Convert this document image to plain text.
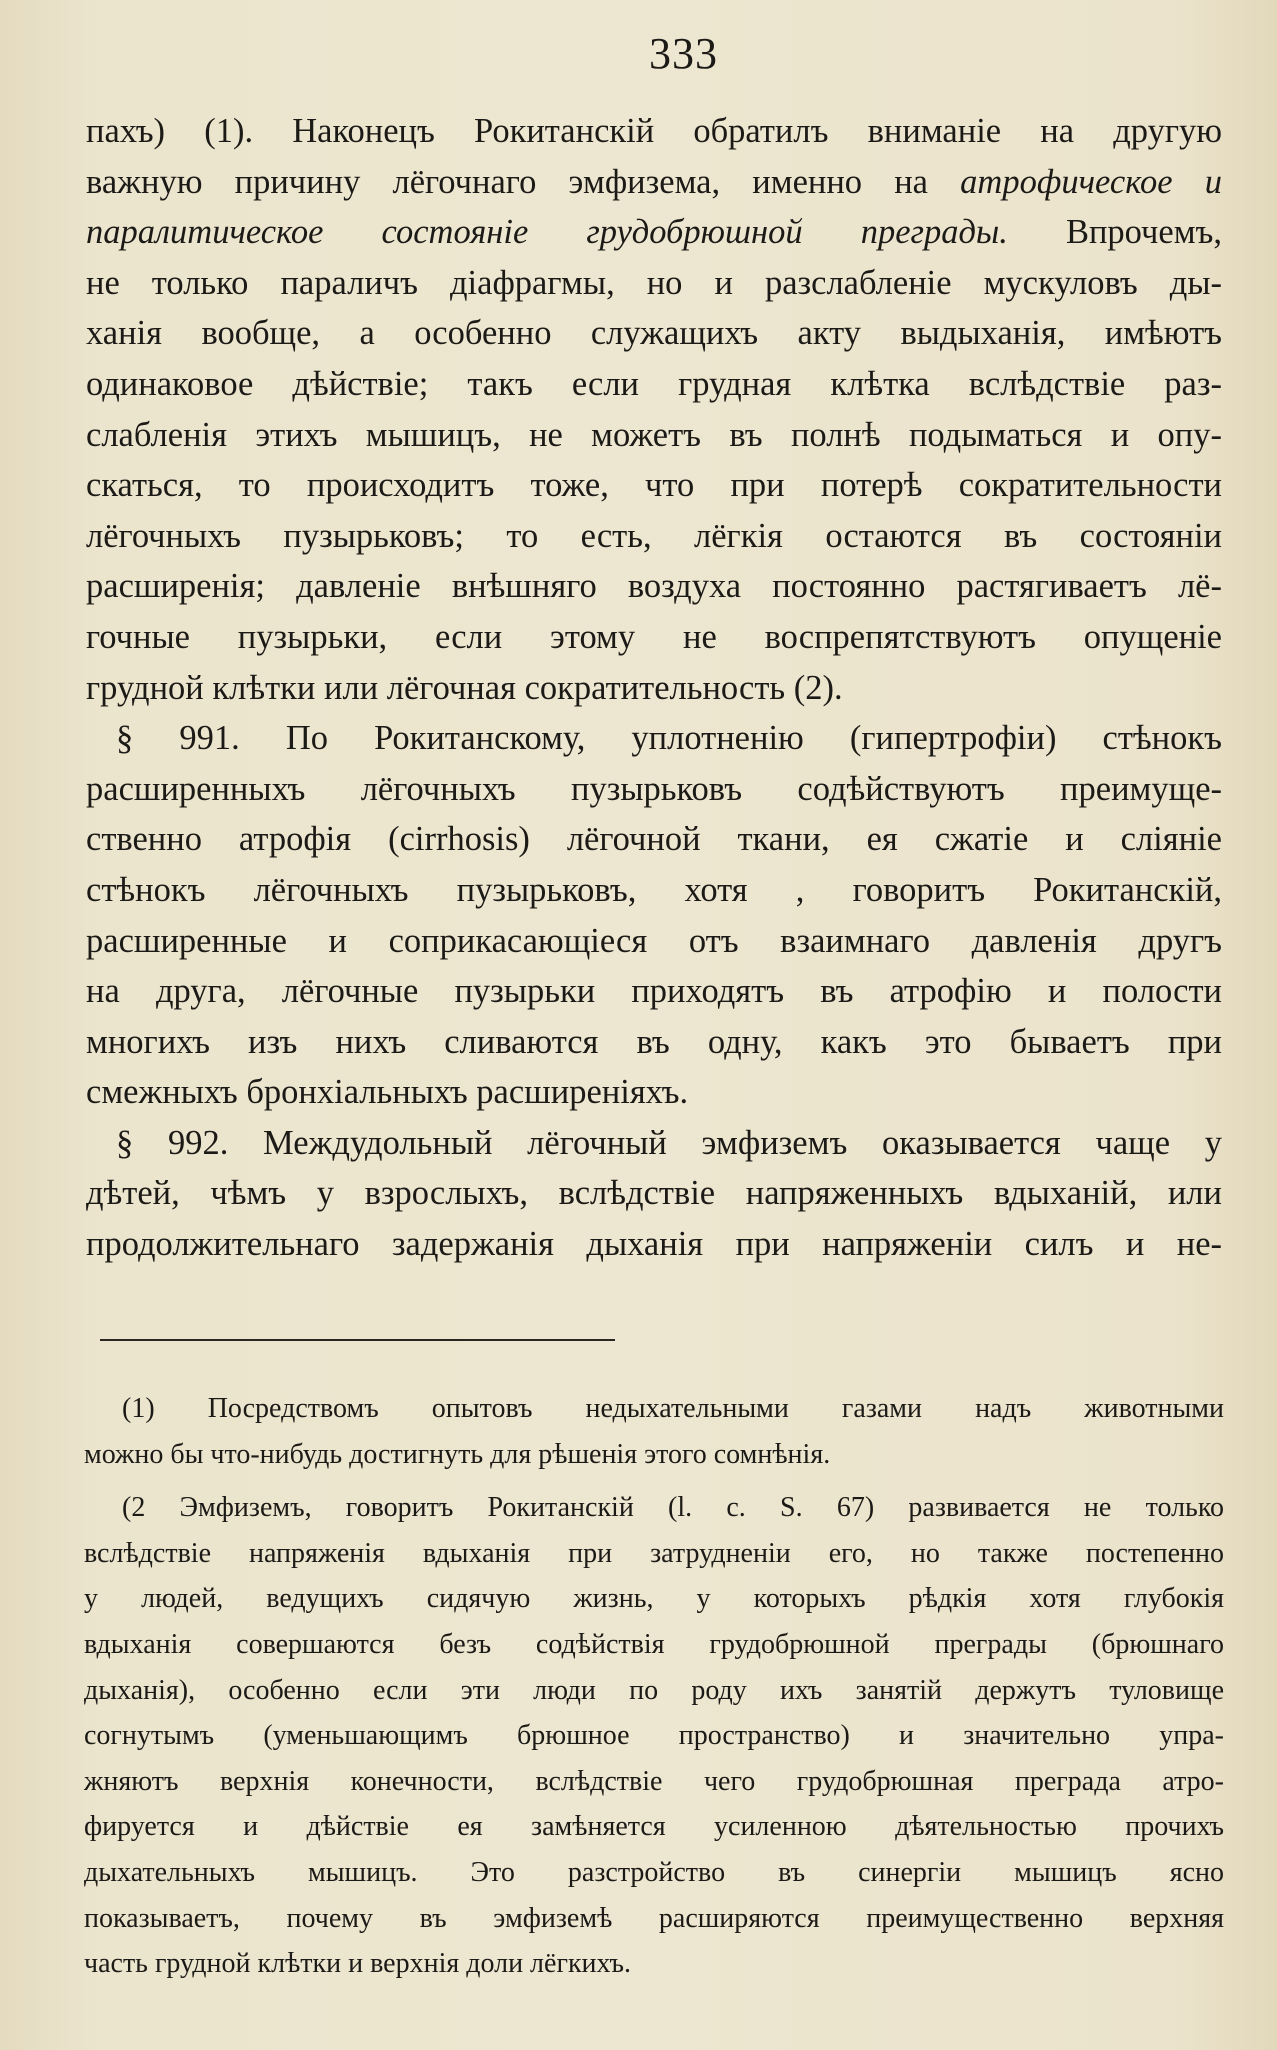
333
пахъ) (1). Наконецъ Рокитанскій обратилъ вниманіе на другую
важную причину лёгочнаго эмфизема, именно на атрофическое и
паралитическое состояніе грудобрюшной преграды. Впрочемъ,
не только параличъ діафрагмы, но и разслабленіе мускуловъ ды-
ханія вообще, а особенно служащихъ акту выдыханія, имѣютъ
одинаковое дѣйствіе; такъ если грудная клѣтка вслѣдствіе раз-
слабленія этихъ мышицъ, не можетъ въ полнѣ подыматься и опу-
скаться, то происходитъ тоже, что при потерѣ сократительности
лёгочныхъ пузырьковъ; то есть, лёгкія остаются въ состояніи
расширенія; давленіе внѣшняго воздуха постоянно растягиваетъ лё-
гочные пузырьки, если этому не воспрепятствуютъ опущеніе
грудной клѣтки или лёгочная сократительность (2).
§ 991. По Рокитанскому, уплотненію (гипертрофіи) стѣнокъ
расширенныхъ лёгочныхъ пузырьковъ содѣйствуютъ преимуще-
ственно атрофія (cirrhosis) лёгочной ткани, ея сжатіе и сліяніе
стѣнокъ лёгочныхъ пузырьковъ, хотя , говоритъ Рокитанскій,
расширенные и соприкасающіеся отъ взаимнаго давленія другъ
на друга, лёгочные пузырьки приходятъ въ атрофію и полости
многихъ изъ нихъ сливаются въ одну, какъ это бываетъ при
смежныхъ бронхіальныхъ расширеніяхъ.
§ 992. Междудольный лёгочный эмфиземъ оказывается чаще у
дѣтей, чѣмъ у взрослыхъ, вслѣдствіе напряженныхъ вдыханій, или
продолжительнаго задержанія дыханія при напряженіи силъ и не-
(1) Посредствомъ опытовъ недыхательными газами надъ животными
можно бы что-нибудь достигнуть для рѣшенія этого сомнѣнія.
(2 Эмфиземъ, говоритъ Рокитанскій (l. c. S. 67) развивается не только
вслѣдствіе напряженія вдыханія при затрудненіи его, но также постепенно
у людей, ведущихъ сидячую жизнь, у которыхъ рѣдкія хотя глубокія
вдыханія совершаются безъ содѣйствія грудобрюшной преграды (брюшнаго
дыханія), особенно если эти люди по роду ихъ занятій держутъ туловище
согнутымъ (уменьшающимъ брюшное пространство) и значительно упра-
жняютъ верхнія конечности, вслѣдствіе чего грудобрюшная преграда атро-
фируется и дѣйствіе ея замѣняется усиленною дѣятельностью прочихъ
дыхательныхъ мышицъ. Это разстройство въ синергіи мышицъ ясно
показываетъ, почему въ эмфиземѣ расширяются преимущественно верхняя
часть грудной клѣтки и верхнія доли лёгкихъ.
